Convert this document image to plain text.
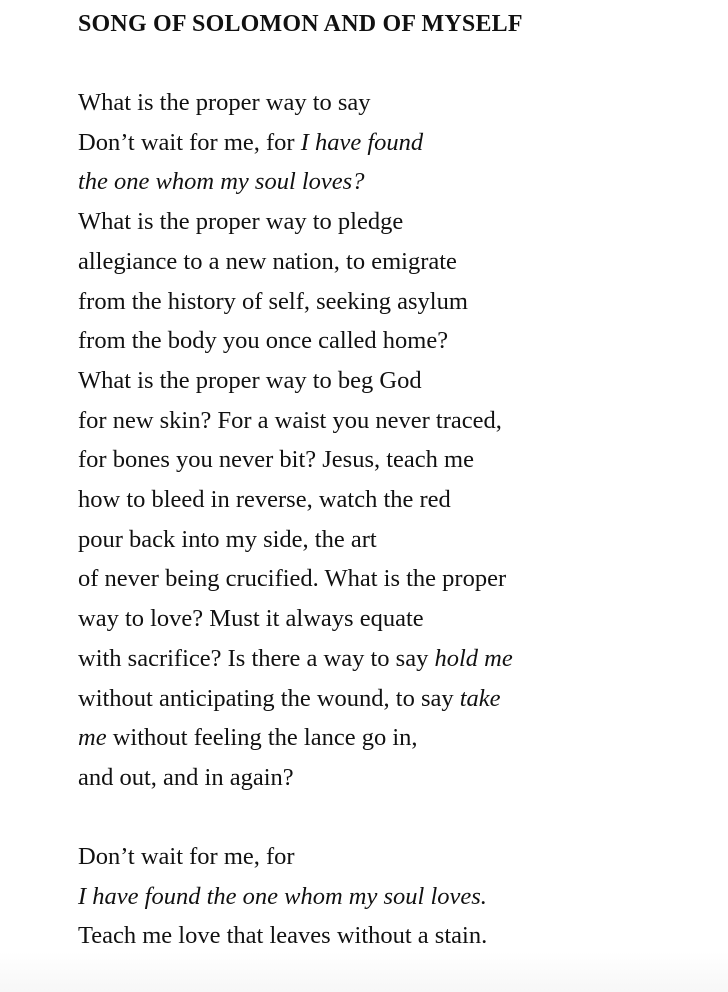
SONG OF SOLOMON AND OF MYSELF
What is the proper way to say
Don’t wait for me, for I have found
the one whom my soul loves?
What is the proper way to pledge
allegiance to a new nation, to emigrate
from the history of self, seeking asylum
from the body you once called home?
What is the proper way to beg God
for new skin? For a waist you never traced,
for bones you never bit? Jesus, teach me
how to bleed in reverse, watch the red
pour back into my side, the art
of never being crucified. What is the proper
way to love? Must it always equate
with sacrifice? Is there a way to say hold me
without anticipating the wound, to say take
me without feeling the lance go in,
and out, and in again?
Don’t wait for me, for
I have found the one whom my soul loves.
Teach me love that leaves without a stain.
